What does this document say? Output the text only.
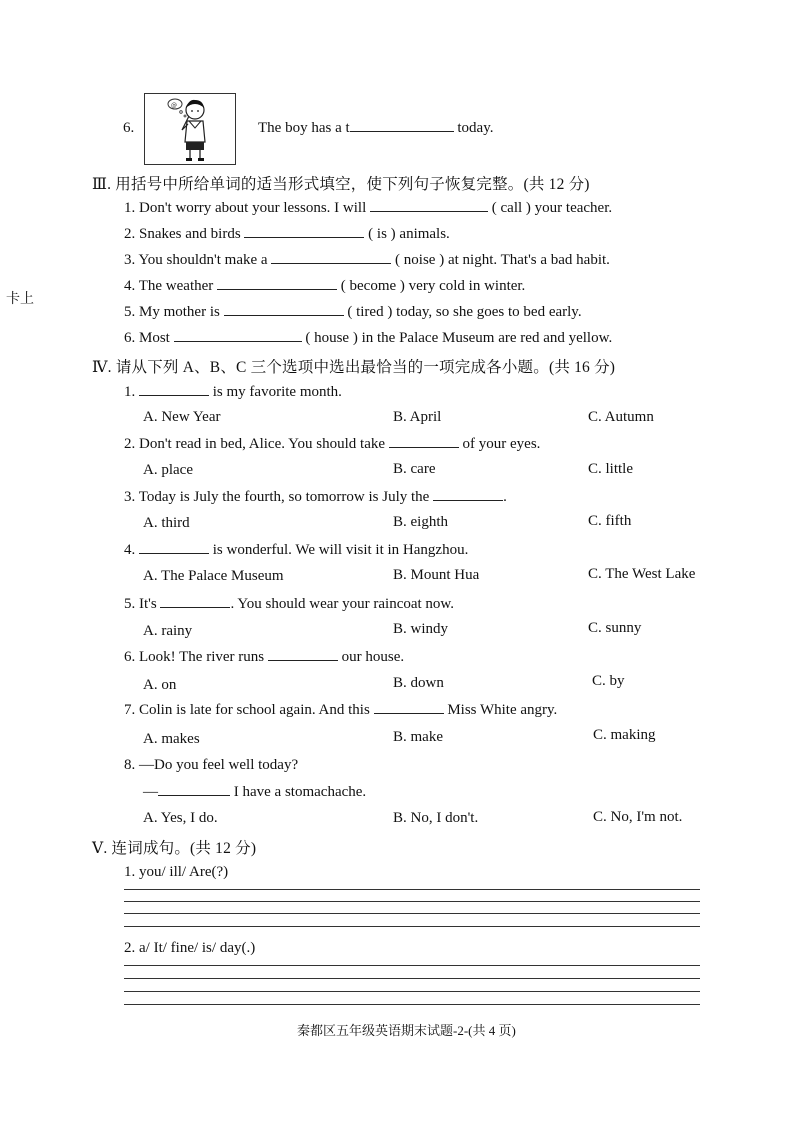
卡上
6.
@
The boy has a t	today.
Ⅲ. 用括号中所给单词的适当形式填空，使下列句子恢复完整。(共 12 分)
1. Don't worry about your lessons. I will	( call ) your teacher.
2. Snakes and birds	( is ) animals.
3. You shouldn't make a	( noise ) at night. That's a bad habit.
4. The weather	( become ) very cold in winter.
5. My mother is	( tired ) today, so she goes to bed early.
6. Most	( house ) in the Palace Museum are red and yellow.
Ⅳ. 请从下列 A、B、C 三个选项中选出最恰当的一项完成各小题。(共 16 分)
1.	is my favorite month.
A. New Year	B. April	C. Autumn
2. Don't read in bed, Alice. You should take	of your eyes.
A. place	B. care	C. little
3. Today is July the fourth, so tomorrow is July the	.
A. third	B. eighth	C. fifth
4.	is wonderful. We will visit it in Hangzhou.
A. The Palace Museum	B. Mount Hua	C. The West Lake
5. It's	. You should wear your raincoat now.
A. rainy	B. windy	C. sunny
6. Look! The river runs	our house.
A. on	B. down	C. by
7. Colin is late for school again. And this	Miss White angry.
A. makes	B. make	C. making
8. —Do you feel well today?
—	I have a stomachache.
A. Yes, I do.	B. No, I don't.	C. No, I'm not.
Ⅴ. 连词成句。(共 12 分)
1. you/ ill/ Are(?)
2. a/ It/ fine/ is/ day(.)
秦都区五年级英语期末试题-2-(共 4 页)
